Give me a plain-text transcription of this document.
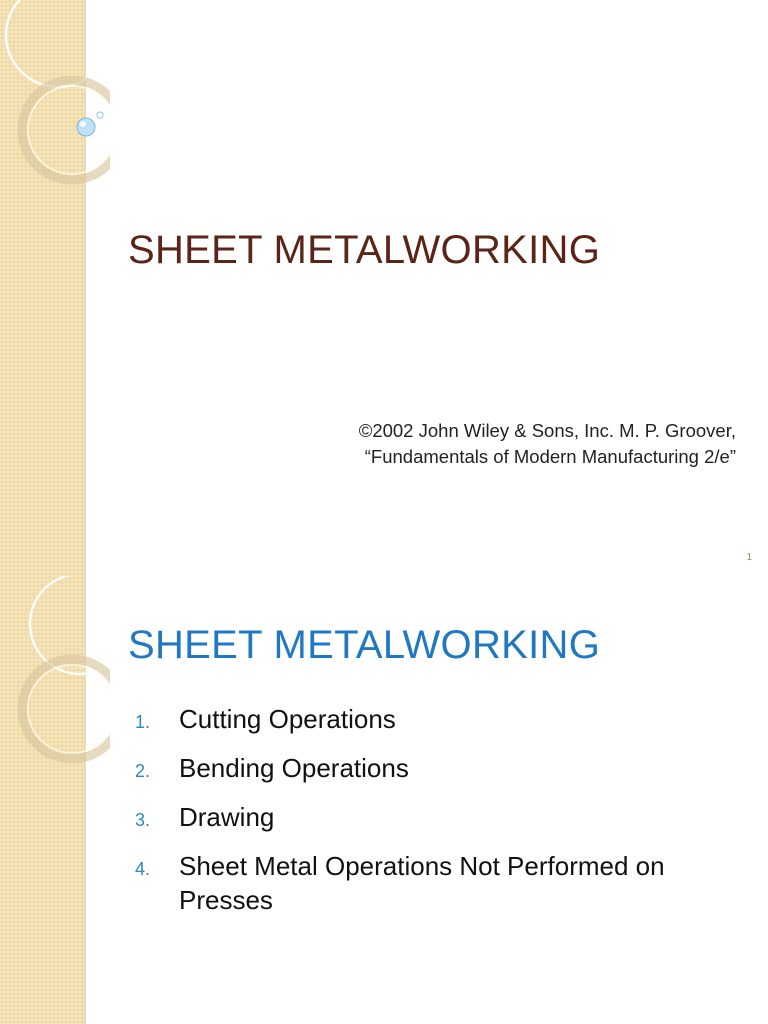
SHEET METALWORKING
©2002 John Wiley & Sons, Inc. M. P. Groover,
“Fundamentals of Modern Manufacturing 2/e”
1
SHEET METALWORKING
1. Cutting Operations
2. Bending Operations
3. Drawing
4. Sheet Metal Operations Not Performed on Presses
